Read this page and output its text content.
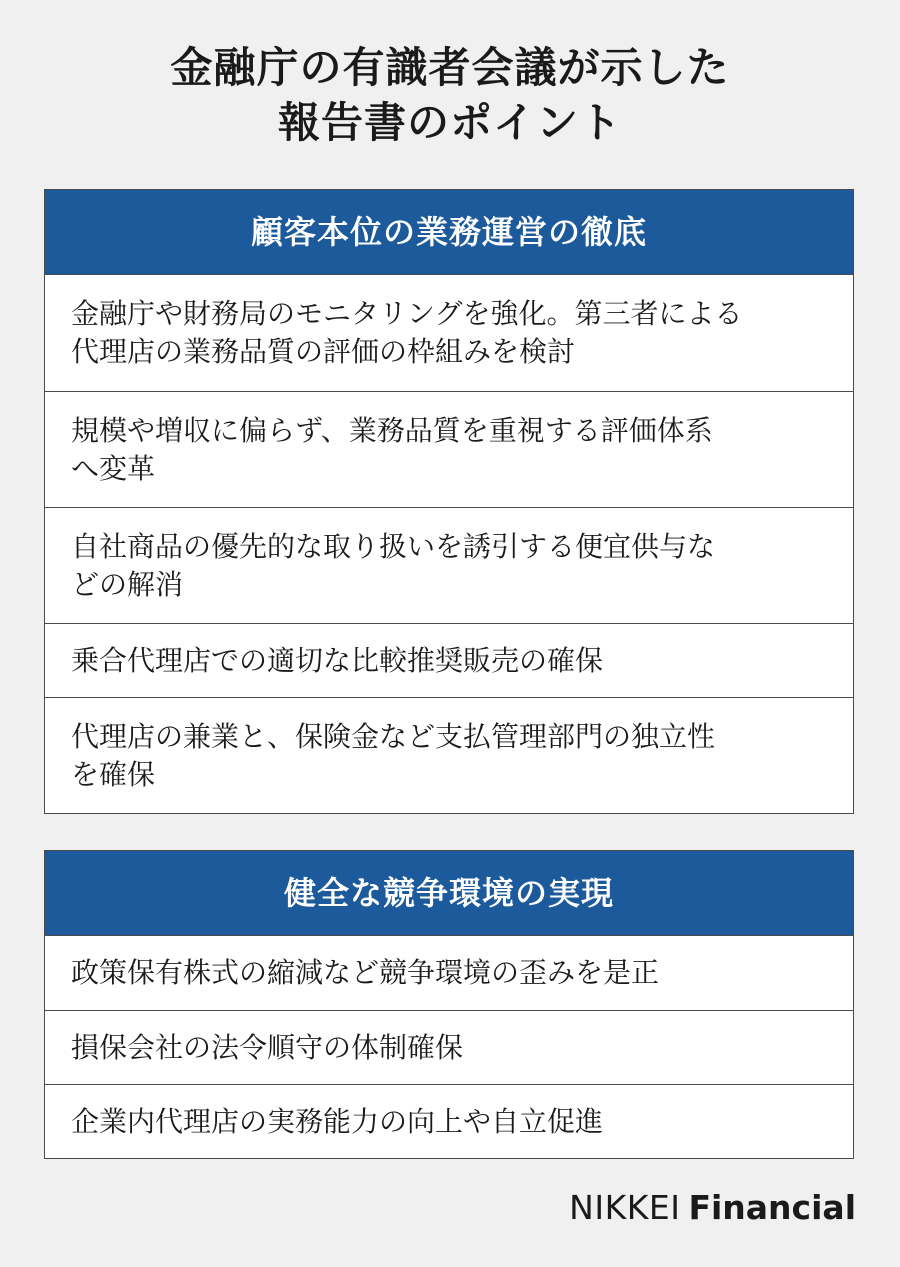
金融庁の有識者会議が示した
報告書のポイント
顧客本位の業務運営の徹底
金融庁や財務局のモニタリングを強化。第三者による
代理店の業務品質の評価の枠組みを検討
規模や増収に偏らず、業務品質を重視する評価体系
へ変革
自社商品の優先的な取り扱いを誘引する便宜供与な
どの解消
乗合代理店での適切な比較推奨販売の確保
代理店の兼業と、保険金など支払管理部門の独立性
を確保
健全な競争環境の実現
政策保有株式の縮減など競争環境の歪みを是正
損保会社の法令順守の体制確保
企業内代理店の実務能力の向上や自立促進
NIKKEI Financial
